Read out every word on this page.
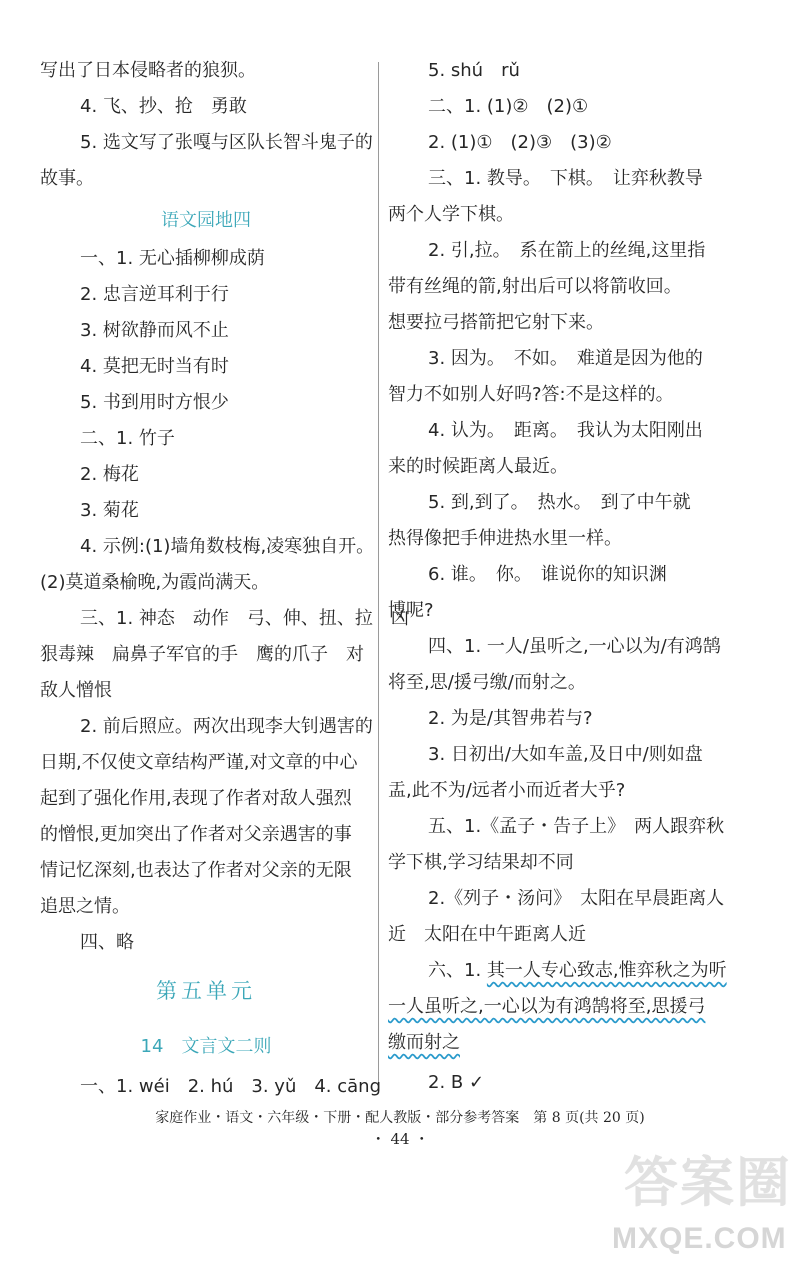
写出了日本侵略者的狼狈。
4. 飞、抄、抢　勇敢
5. 选文写了张嘎与区队长智斗鬼子的
故事。
语文园地四
一、1. 无心插柳柳成荫
2. 忠言逆耳利于行
3. 树欲静而风不止
4. 莫把无时当有时
5. 书到用时方恨少
二、1. 竹子
2. 梅花
3. 菊花
4. 示例:(1)墙角数枝梅,凌寒独自开。
(2)莫道桑榆晚,为霞尚满天。
三、1. 神态　动作　弓、伸、扭、拉　凶
狠毒辣　扁鼻子军官的手　鹰的爪子　对
敌人憎恨
2. 前后照应。两次出现李大钊遇害的
日期,不仅使文章结构严谨,对文章的中心
起到了强化作用,表现了作者对敌人强烈
的憎恨,更加突出了作者对父亲遇害的事
情记忆深刻,也表达了作者对父亲的无限
追思之情。
四、略
第五单元
14　文言文二则
一、1. wéi　2. hú　3. yǔ　4. cāng
5. shú　rǔ
二、1. (1)②　(2)①
2. (1)①　(2)③　(3)②
三、1. 教导。　下棋。　让弈秋教导
两个人学下棋。
2. 引,拉。　系在箭上的丝绳,这里指
带有丝绳的箭,射出后可以将箭收回。
想要拉弓搭箭把它射下来。
3. 因为。　不如。　难道是因为他的
智力不如别人好吗?答:不是这样的。
4. 认为。　距离。　我认为太阳刚出
来的时候距离人最近。
5. 到,到了。　热水。　到了中午就
热得像把手伸进热水里一样。
6. 谁。　你。　谁说你的知识渊
博呢?
四、1. 一人/虽听之,一心以为/有鸿鹄
将至,思/援弓缴/而射之。
2. 为是/其智弗若与?
3. 日初出/大如车盖,及日中/则如盘
盂,此不为/远者小而近者大乎?
五、1.《孟子・告子上》　两人跟弈秋
学下棋,学习结果却不同
2.《列子・汤问》　太阳在早晨距离人
近　太阳在中午距离人近
六、1. 其一人专心致志,惟弈秋之为听
一人虽听之,一心以为有鸿鹄将至,思援弓
缴而射之
2. B ✓
家庭作业・语文・六年级・下册・配人教版・部分参考答案　第 8 页(共 20 页)
・ 44 ・
答案圈
MXQE.COM
